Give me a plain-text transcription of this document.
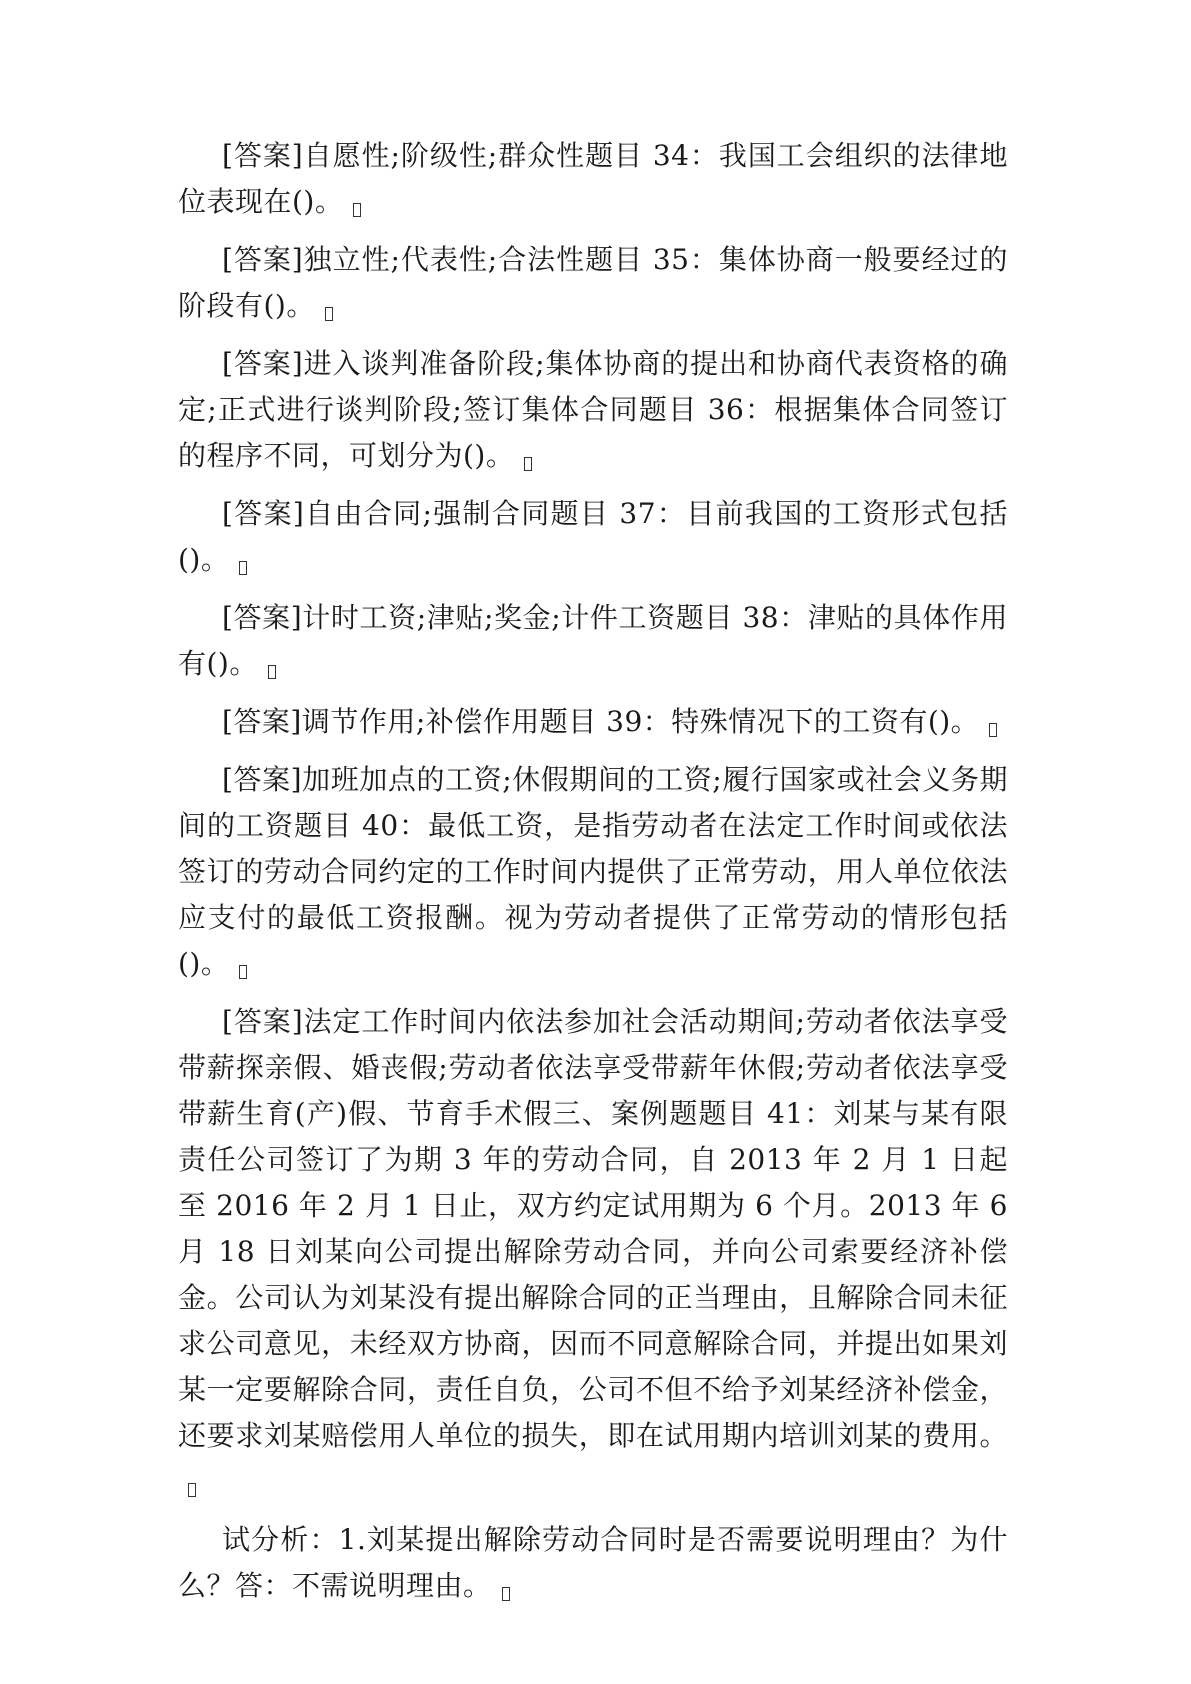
[答案]自愿性;阶级性;群众性题目 34：我国工会组织的法律地位表现在()。

[答案]独立性;代表性;合法性题目 35：集体协商一般要经过的阶段有()。

[答案]进入谈判准备阶段;集体协商的提出和协商代表资格的确定;正式进行谈判阶段;签订集体合同题目 36：根据集体合同签订的程序不同，可划分为()。

[答案]自由合同;强制合同题目 37：目前我国的工资形式包括()。

[答案]计时工资;津贴;奖金;计件工资题目 38：津贴的具体作用有()。

[答案]调节作用;补偿作用题目 39：特殊情况下的工资有()。

[答案]加班加点的工资;休假期间的工资;履行国家或社会义务期间的工资题目 40：最低工资，是指劳动者在法定工作时间或依法签订的劳动合同约定的工作时间内提供了正常劳动，用人单位依法应支付的最低工资报酬。视为劳动者提供了正常劳动的情形包括()。

[答案]法定工作时间内依法参加社会活动期间;劳动者依法享受带薪探亲假、婚丧假;劳动者依法享受带薪年休假;劳动者依法享受带薪生育(产)假、节育手术假三、案例题题目 41：刘某与某有限责任公司签订了为期 3 年的劳动合同，自 2013 年 2 月 1 日起至 2016 年 2 月 1 日止，双方约定试用期为 6 个月。2013 年 6 月 18 日刘某向公司提出解除劳动合同，并向公司索要经济补偿金。公司认为刘某没有提出解除合同的正当理由，且解除合同未征求公司意见，未经双方协商，因而不同意解除合同，并提出如果刘某一定要解除合同，责任自负，公司不但不给予刘某经济补偿金，还要求刘某赔偿用人单位的损失，即在试用期内培训刘某的费用。

试分析：1.刘某提出解除劳动合同时是否需要说明理由？为什么？答：不需说明理由。
